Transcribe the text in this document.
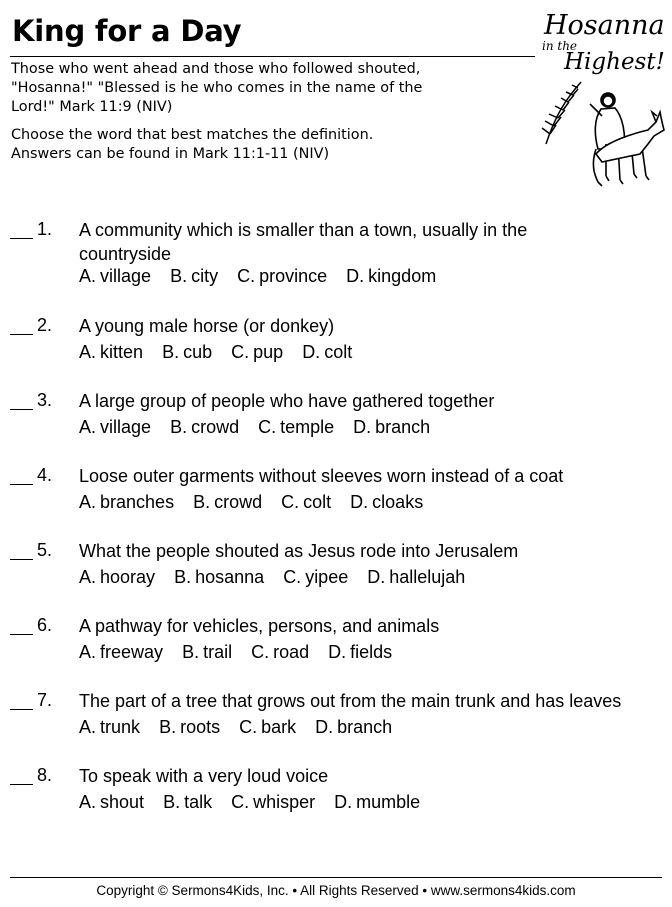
King for a Day
Those who went ahead and those who followed shouted,
"Hosanna!" "Blessed is he who comes in the name of the
Lord!" Mark 11:9 (NIV)
Choose the word that best matches the definition.
Answers can be found in Mark 11:1-11 (NIV)
Hosanna
in the
Highest!
1. A community which is smaller than a town, usually in the
countryside
A. village B. city C. province D. kingdom
2. A young male horse (or donkey)
A. kitten B. cub C. pup D. colt
3. A large group of people who have gathered together
A. village B. crowd C. temple D. branch
4. Loose outer garments without sleeves worn instead of a coat
A. branches B. crowd C. colt D. cloaks
5. What the people shouted as Jesus rode into Jerusalem
A. hooray B. hosanna C. yipee D. hallelujah
6. A pathway for vehicles, persons, and animals
A. freeway B. trail C. road D. fields
7. The part of a tree that grows out from the main trunk and has leaves
A. trunk B. roots C. bark D. branch
8. To speak with a very loud voice
A. shout B. talk C. whisper D. mumble
Copyright © Sermons4Kids, Inc. • All Rights Reserved • www.sermons4kids.com
